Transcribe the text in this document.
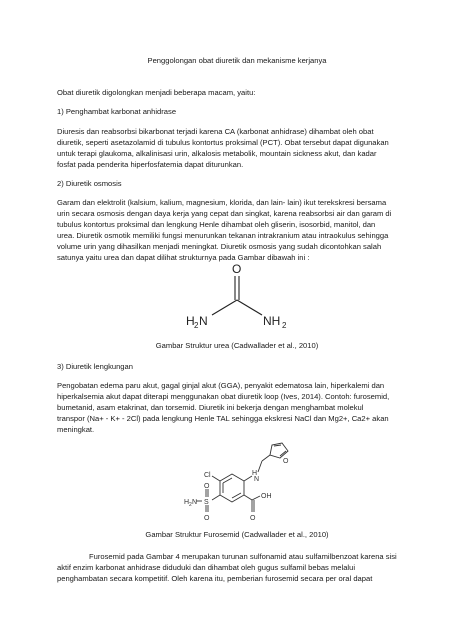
Penggolongan obat diuretik dan mekanisme kerjanya
Obat diuretik digolongkan menjadi beberapa macam, yaitu:
1) Penghambat karbonat anhidrase
Diuresis dan reabsorbsi bikarbonat terjadi karena CA (karbonat anhidrase) dihambat oleh obat
diuretik, seperti asetazolamid di tubulus kontortus proksimal (PCT). Obat tersebut dapat digunakan
untuk terapi glaukoma, alkalinisasi urin, alkalosis metabolik, mountain sickness akut, dan kadar
fosfat pada penderita hiperfosfatemia dapat diturunkan.
2) Diuretik osmosis
Garam dan elektrolit (kalsium, kalium, magnesium, klorida, dan lain- lain) ikut terekskresi bersama
urin secara osmosis dengan daya kerja yang cepat dan singkat, karena reabsorbsi air dan garam di
tubulus kontortus proksimal dan lengkung Henle dihambat oleh gliserin, isosorbid, manitol, dan
urea. Diuretik osmotik memiliki fungsi menurunkan tekanan intrakranium atau intraokulus sehingga
volume urin yang dihasilkan menjadi meningkat. Diuretik osmosis yang sudah dicontohkan salah
satunya yaitu urea dan dapat dilihat strukturnya pada Gambar dibawah ini :
O
H 2 N	NH 2
Gambar Struktur urea (Cadwallader et al., 2010)
3) Diuretik lengkungan
Pengobatan edema paru akut, gagal ginjal akut (GGA), penyakit edematosa lain, hiperkalemi dan
hiperkalsemia akut dapat diterapi menggunakan obat diuretik loop (Ives, 2014). Contoh: furosemid,
bumetanid, asam etakrinat, dan torsemid. Diuretik ini bekerja dengan menghambat molekul
transpor (Na+ - K+ - 2Cl) pada lengkung Henle TAL sehingga ekskresi NaCl dan Mg2+, Ca2+ akan
meningkat.
Cl	H
N
O
OH
O
S
O
O
H 2 N
Gambar Struktur Furosemid (Cadwallader et al., 2010)
Furosemid pada Gambar 4 merupakan turunan sulfonamid atau sulfamilbenzoat karena sisi
aktif enzim karbonat anhidrase diduduki dan dihambat oleh gugus sulfamil bebas melalui
penghambatan secara kompetitif. Oleh karena itu, pemberian furosemid secara per oral dapat
